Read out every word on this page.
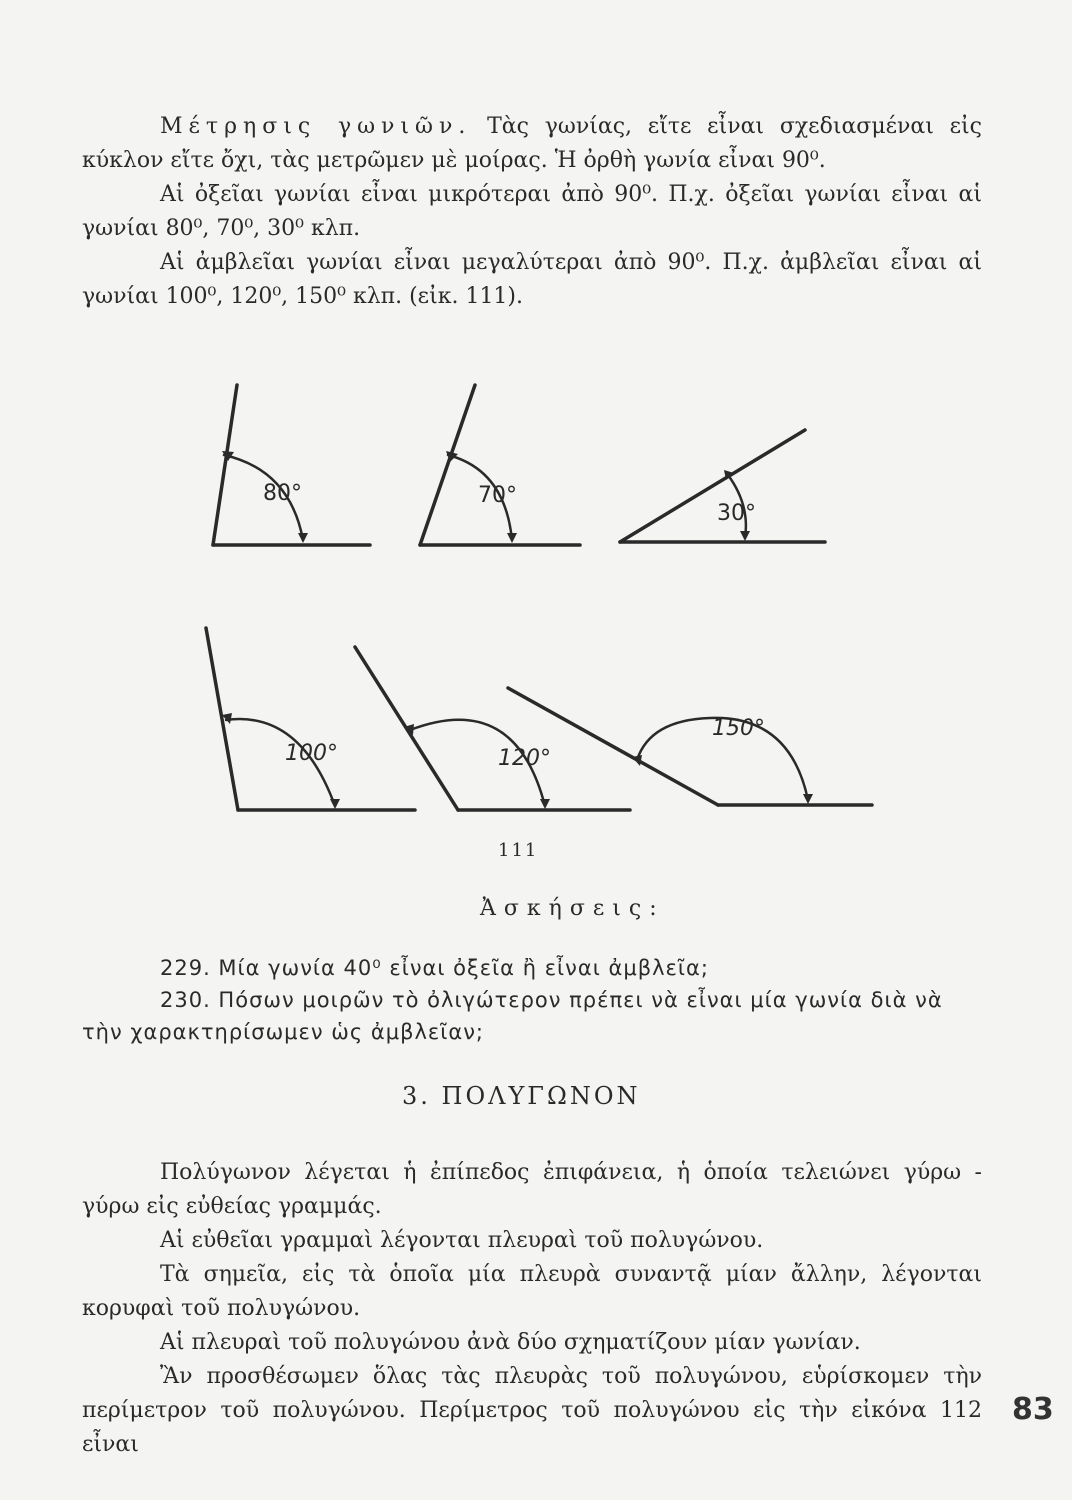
Μέτρησις γωνιῶν. Τὰς γωνίας, εἴτε εἶναι σχεδιασμέναι εἰς κύκλον εἴτε ὄχι, τὰς μετρῶμεν μὲ μοίρας. Ἡ ὀρθὴ γωνία εἶναι 90⁰.

Αἱ ὀξεῖαι γωνίαι εἶναι μικρότεραι ἀπὸ 90⁰. Π.χ. ὀξεῖαι γωνίαι εἶναι αἱ γωνίαι 80⁰, 70⁰, 30⁰ κλπ.

Αἱ ἀμβλεῖαι γωνίαι εἶναι μεγαλύτεραι ἀπὸ 90⁰. Π.χ. ἀμβλεῖαι εἶναι αἱ γωνίαι 100⁰, 120⁰, 150⁰ κλπ. (εἰκ. 111).

80°	70°
30°
100°	120°
150°
111
Ἀσκήσεις:

229. Μία γωνία 40⁰ εἶναι ὀξεῖα ἢ εἶναι ἀμβλεῖα;

230. Πόσων μοιρῶν τὸ ὀλιγώτερον πρέπει νὰ εἶναι μία γωνία διὰ νὰ τὴν χαρακτηρίσωμεν ὡς ἀμβλεῖαν;

3. ΠΟΛΥΓΩΝΟΝ

Πολύγωνον λέγεται ἡ ἐπίπεδος ἐπιφάνεια, ἡ ὁποία τελειώνει γύρω - γύρω εἰς εὐθείας γραμμάς.

Αἱ εὐθεῖαι γραμμαὶ λέγονται πλευραὶ τοῦ πολυγώνου.

Τὰ σημεῖα, εἰς τὰ ὁποῖα μία πλευρὰ συναντᾷ μίαν ἄλλην, λέγονται κορυφαὶ τοῦ πολυγώνου.

Αἱ πλευραὶ τοῦ πολυγώνου ἀνὰ δύο σχηματίζουν μίαν γωνίαν.

Ἂν προσθέσωμεν ὅλας τὰς πλευρὰς τοῦ πολυγώνου, εὑρίσκομεν τὴν περίμετρον τοῦ πολυγώνου. Περίμετρος τοῦ πολυγώνου εἰς τὴν εἰκόνα 112 εἶναι

83
